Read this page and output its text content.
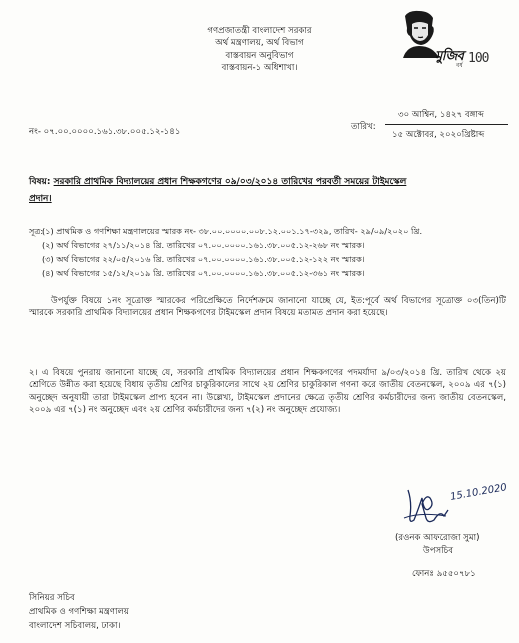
গণপ্রজাতন্ত্রী বাংলাদেশ সরকার
অর্থ মন্ত্রণালয়, অর্থ বিভাগ
বাস্তবায়ন অনুবিভাগ
বাস্তবায়ন-১ অধিশাখা।
মুজিব
বর্ষ 100
নং- ০৭.০০.০০০০.১৬১.৩৮.০০৫.১২-১৪১	তারিখ:
৩০ আশ্বিন, ১৪২৭ বঙ্গাব্দ
১৫ অক্টোবর, ২০২০খ্রিষ্টাব্দ
বিষয়: সরকারি প্রাথমিক বিদ্যালয়ের প্রধান শিক্ষকগণের ০৯/০৩/২০১৪ তারিখের পরবর্তী সময়ের টাইমস্কেল
প্রদান।
সূত্র:
(১) প্রাথমিক ও গণশিক্ষা মন্ত্রণালয়ের স্মারক নং- ৩৮.০০.০০০০.০০৮.১২.০০১.১৭-৩২৯, তারিখ- ২৯/০৯/২০২০ খ্রি.
(২) অর্থ বিভাগের ২৭/১১/২০১৪ খ্রি. তারিখের ০৭.০০.০০০০.১৬১.৩৮.০০৫.১২-২৬৮ নং স্মারক।
(৩) অর্থ বিভাগের ২২/০৫/২০১৬ খ্রি. তারিখের ০৭.০০.০০০০.১৬১.৩৮.০০৫.১২-১২২ নং স্মারক।
(৪) অর্থ বিভাগের ১৫/১২/২০১৯ খ্রি. তারিখের ০৭.০০.০০০০.১৬১.৩৮.০০৫.১২-৩৬১ নং স্মারক।
উপর্যুক্ত বিষয়ে ১নং সূত্রোক্ত স্মারকের পরিপ্রেক্ষিতে নির্দেশক্রমে জানানো যাচ্ছে যে, ইত:পূর্বে অর্থ বিভাগের সূত্রোক্ত ০৩(তিন)টি স্মারকে সরকারি প্রাথমিক বিদ্যালয়ের প্রধান শিক্ষকগণের টাইমস্কেল প্রদান বিষয়ে মতামত প্রদান করা হয়েছে।
২। এ বিষয়ে পুনরায় জানানো যাচ্ছে যে, সরকারি প্রাথমিক বিদ্যালয়ের প্রধান শিক্ষকগণের পদমর্যাদা ৯/০৩/২০১৪ খ্রি. তারিখ থেকে ২য় শ্রেণিতে উন্নীত করা হয়েছে বিধায় তৃতীয় শ্রেণির চাকুরিকালের সাথে ২য় শ্রেণির চাকুরিকাল গণনা করে জাতীয় বেতনস্কেল, ২০০৯ এর ৭(১) অনুচ্ছেদ অনুযায়ী তারা টাইমস্কেল প্রাপ্য হবেন না। উল্লেখ্য, টাইমস্কেল প্রদানের ক্ষেত্রে তৃতীয় শ্রেণির কর্মচারীদের জন্য জাতীয় বেতনস্কেল, ২০০৯ এর ৭(১) নং অনুচ্ছেদ এবং ২য় শ্রেণির কর্মচারীদের জন্য ৭(২) নং অনুচ্ছেদ প্রযোজ্য।
15.10.2020
(রওনক আফরোজা সুমা)
উপসচিব
ফোনঃ ৯৫৫০৭৮১
সিনিয়র সচিব
প্রাথমিক ও গণশিক্ষা মন্ত্রণালয়
বাংলাদেশ সচিবালয়, ঢাকা।
